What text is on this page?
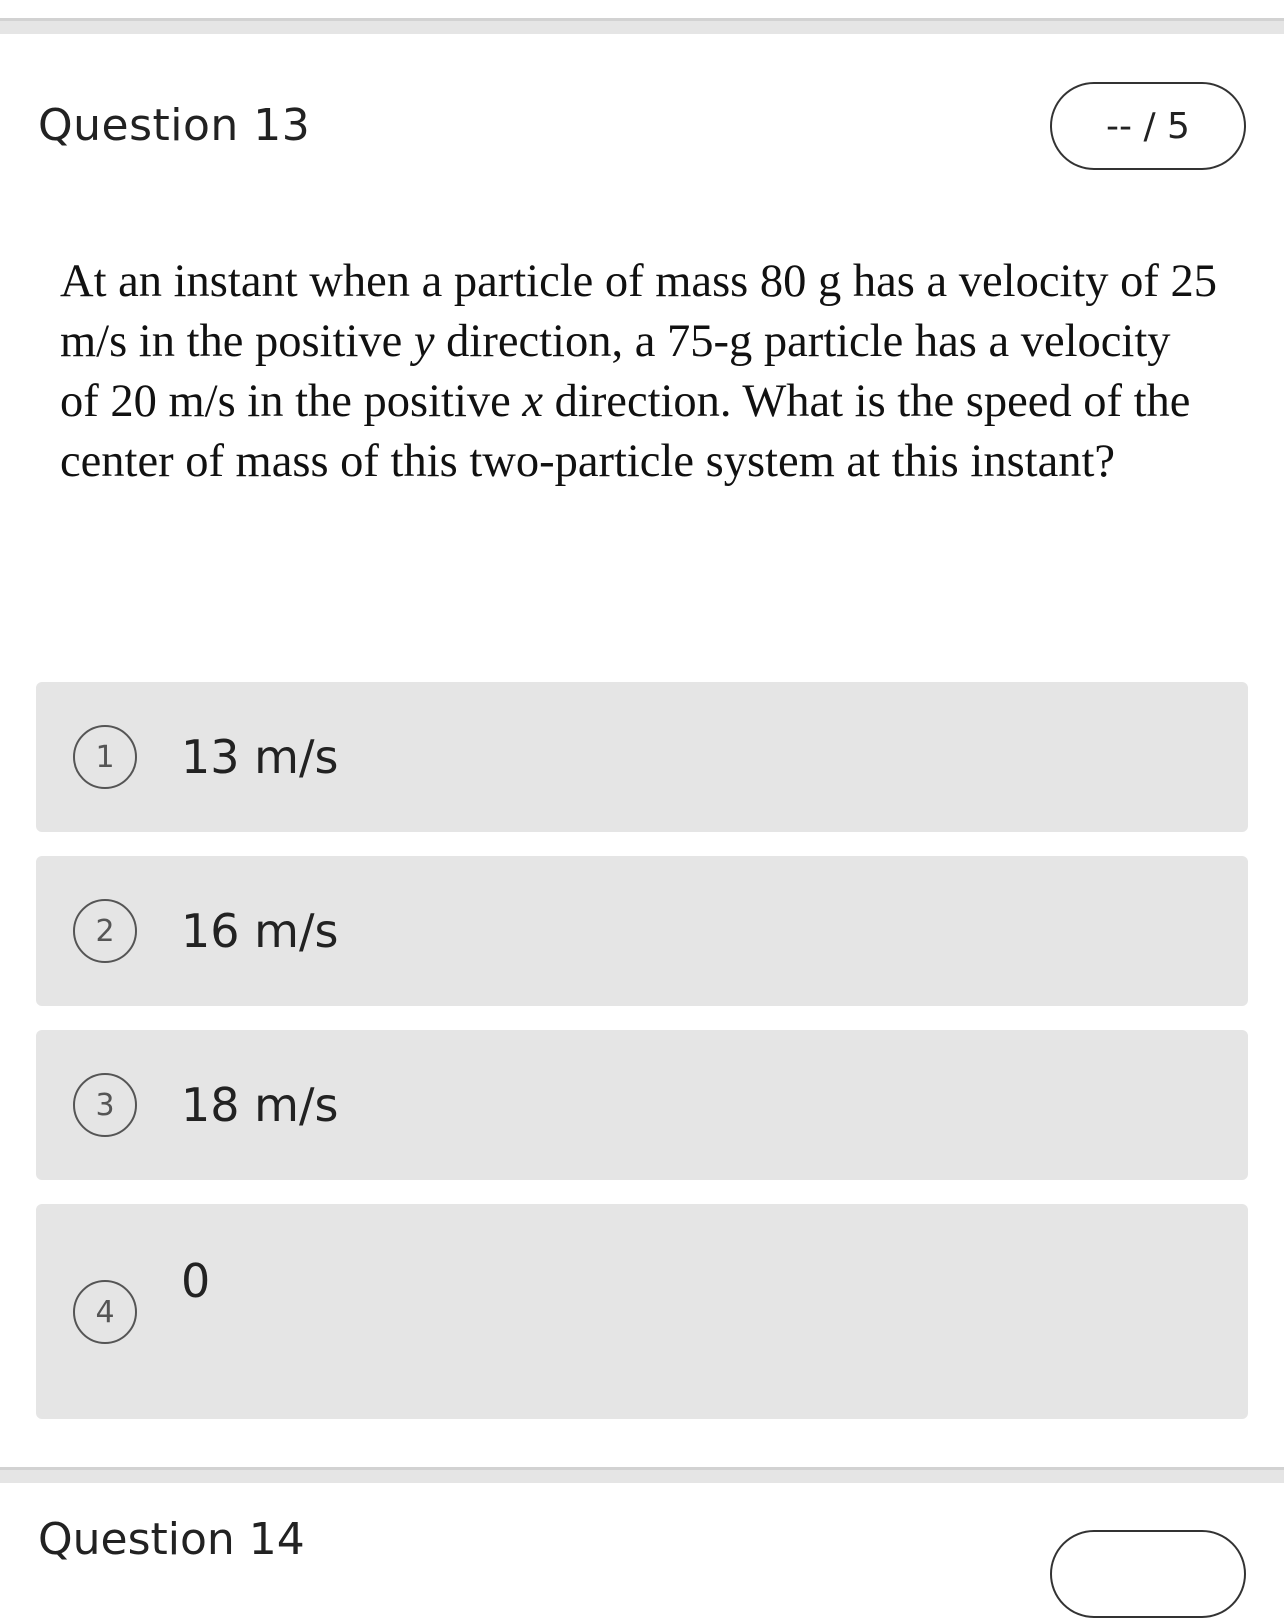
Question 13	-- / 5
At an instant when a particle of mass 80 g has a velocity of 25 m/s in the positive y direction, a 75-g particle has a velocity of 20 m/s in the positive x direction. What is the speed of the center of mass of this two-particle system at this instant?
1	13 m/s
2	16 m/s
3	18 m/s
4
0
Question 14
